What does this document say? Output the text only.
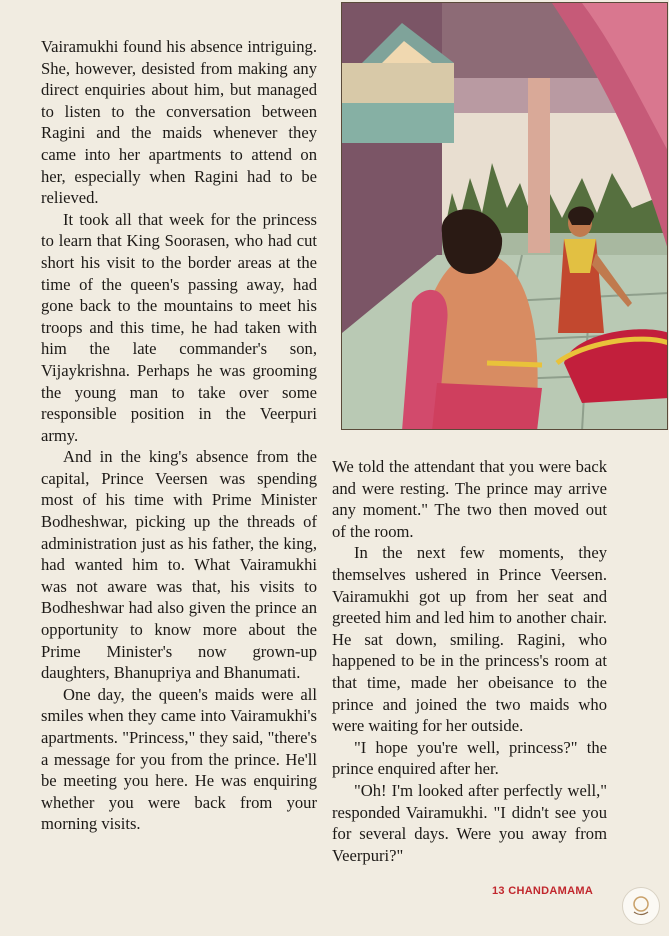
Vairamukhi found his absence intriguing. She, however, desisted from making any direct enquiries about him, but managed to listen to the conversation between Ragini and the maids whenever they came into her apartments to attend on her, especially when Ragini had to be relieved.

It took all that week for the princess to learn that King Soorasen, who had cut short his visit to the border areas at the time of the queen's passing away, had gone back to the mountains to meet his troops and this time, he had taken with him the late commander's son, Vijaykrishna. Perhaps he was grooming the young man to take over some responsible position in the Veerpuri army.

And in the king's absence from the capital, Prince Veersen was spending most of his time with Prime Minister Bodheshwar, picking up the threads of administration just as his father, the king, had wanted him to. What Vairamukhi was not aware was that, his visits to Bodheshwar had also given the prince an opportunity to know more about the Prime Minister's now grown-up daughters, Bhanupriya and Bhanumati.

One day, the queen's maids were all smiles when they came into Vairamukhi's apartments. "Princess," they said, "there's a message for you from the prince. He'll be meeting you here. He was enquiring whether you were back from your morning visits.

We told the attendant that you were back and were resting. The prince may arrive any moment." The two then moved out of the room.

In the next few moments, they themselves ushered in Prince Veersen. Vairamukhi got up from her seat and greeted him and led him to another chair. He sat down, smiling. Ragini, who happened to be in the princess's room at that time, made her obeisance to the prince and joined the two maids who were waiting for her outside.

"I hope you're well, princess?" the prince enquired after her.

"Oh! I'm looked after perfectly well," responded Vairamukhi. "I didn't see you for several days. Were you away from Veerpuri?"

13 CHANDAMAMA
